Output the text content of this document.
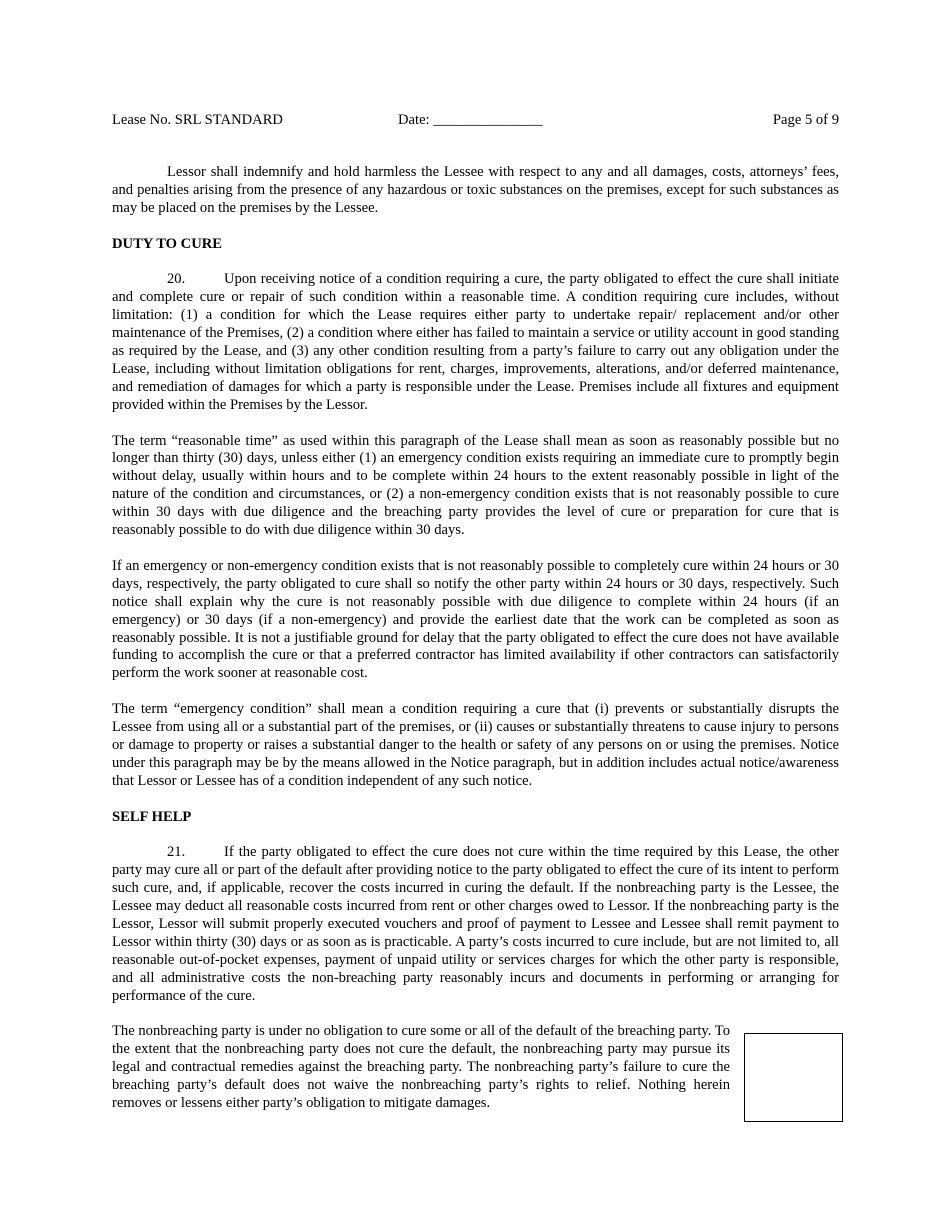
Lease No. SRL STANDARD	Date: _______________	Page 5 of 9

Lessor shall indemnify and hold harmless the Lessee with respect to any and all damages, costs, attorneys’ fees, and penalties arising from the presence of any hazardous or toxic substances on the premises, except for such substances as may be placed on the premises by the Lessee.

DUTY TO CURE

20.	Upon receiving notice of a condition requiring a cure, the party obligated to effect the cure shall initiate and complete cure or repair of such condition within a reasonable time. A condition requiring cure includes, without limitation: (1) a condition for which the Lease requires either party to undertake repair/ replacement and/or other maintenance of the Premises, (2) a condition where either has failed to maintain a service or utility account in good standing as required by the Lease, and (3) any other condition resulting from a party’s failure to carry out any obligation under the Lease, including without limitation obligations for rent, charges, improvements, alterations, and/or deferred maintenance, and remediation of damages for which a party is responsible under the Lease. Premises include all fixtures and equipment provided within the Premises by the Lessor.

The term “reasonable time” as used within this paragraph of the Lease shall mean as soon as reasonably possible but no longer than thirty (30) days, unless either (1) an emergency condition exists requiring an immediate cure to promptly begin without delay, usually within hours and to be complete within 24 hours to the extent reasonably possible in light of the nature of the condition and circumstances, or (2) a non-emergency condition exists that is not reasonably possible to cure within 30 days with due diligence and the breaching party provides the level of cure or preparation for cure that is reasonably possible to do with due diligence within 30 days.

If an emergency or non-emergency condition exists that is not reasonably possible to completely cure within 24 hours or 30 days, respectively, the party obligated to cure shall so notify the other party within 24 hours or 30 days, respectively. Such notice shall explain why the cure is not reasonably possible with due diligence to complete within 24 hours (if an emergency) or 30 days (if a non-emergency) and provide the earliest date that the work can be completed as soon as reasonably possible. It is not a justifiable ground for delay that the party obligated to effect the cure does not have available funding to accomplish the cure or that a preferred contractor has limited availability if other contractors can satisfactorily perform the work sooner at reasonable cost.

The term “emergency condition” shall mean a condition requiring a cure that (i) prevents or substantially disrupts the Lessee from using all or a substantial part of the premises, or (ii) causes or substantially threatens to cause injury to persons or damage to property or raises a substantial danger to the health or safety of any persons on or using the premises. Notice under this paragraph may be by the means allowed in the Notice paragraph, but in addition includes actual notice/awareness that Lessor or Lessee has of a condition independent of any such notice.

SELF HELP

21.	If the party obligated to effect the cure does not cure within the time required by this Lease, the other party may cure all or part of the default after providing notice to the party obligated to effect the cure of its intent to perform such cure, and, if applicable, recover the costs incurred in curing the default. If the nonbreaching party is the Lessee, the Lessee may deduct all reasonable costs incurred from rent or other charges owed to Lessor. If the nonbreaching party is the Lessor, Lessor will submit properly executed vouchers and proof of payment to Lessee and Lessee shall remit payment to Lessor within thirty (30) days or as soon as is practicable. A party’s costs incurred to cure include, but are not limited to, all reasonable out-of-pocket expenses, payment of unpaid utility or services charges for which the other party is responsible, and all administrative costs the non-breaching party reasonably incurs and documents in performing or arranging for performance of the cure.

The nonbreaching party is under no obligation to cure some or all of the default of the breaching party. To the extent that the nonbreaching party does not cure the default, the nonbreaching party may pursue its legal and contractual remedies against the breaching party. The nonbreaching party’s failure to cure the breaching party’s default does not waive the nonbreaching party’s rights to relief. Nothing herein removes or lessens either party’s obligation to mitigate damages.
